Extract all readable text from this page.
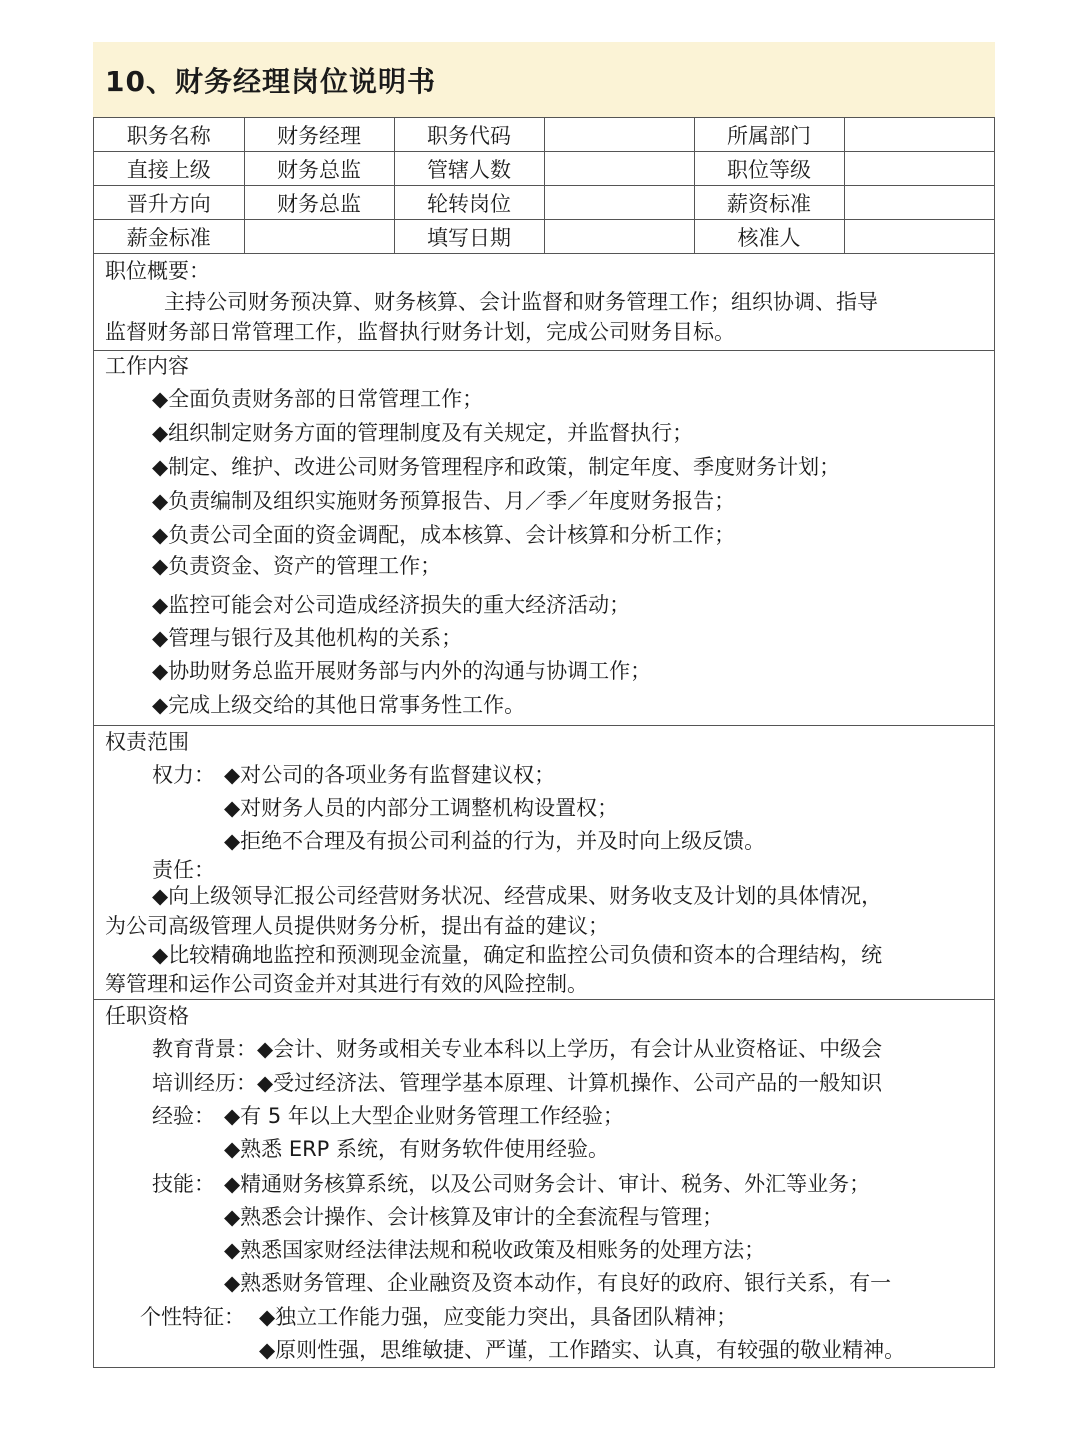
10、财务经理岗位说明书
职务名称	财务经理	职务代码		所属部门	
直接上级	财务总监	管辖人数		职位等级	
晋升方向	财务总监	轮转岗位		薪资标准	
薪金标准		填写日期		核准人	
职位概要：
主持公司财务预决算、财务核算、会计监督和财务管理工作；组织协调、指导
监督财务部日常管理工作，监督执行财务计划，完成公司财务目标。
工作内容
◆全面负责财务部的日常管理工作；
◆组织制定财务方面的管理制度及有关规定，并监督执行；
◆制定、维护、改进公司财务管理程序和政策，制定年度、季度财务计划；
◆负责编制及组织实施财务预算报告、月／季／年度财务报告；
◆负责公司全面的资金调配，成本核算、会计核算和分析工作；
◆负责资金、资产的管理工作；
◆监控可能会对公司造成经济损失的重大经济活动；
◆管理与银行及其他机构的关系；
◆协助财务总监开展财务部与内外的沟通与协调工作；
◆完成上级交给的其他日常事务性工作。
权责范围
权力： ◆对公司的各项业务有监督建议权；
◆对财务人员的内部分工调整机构设置权；
◆拒绝不合理及有损公司利益的行为，并及时向上级反馈。
责任：
◆向上级领导汇报公司经营财务状况、经营成果、财务收支及计划的具体情况，
为公司高级管理人员提供财务分析，提出有益的建议；
◆比较精确地监控和预测现金流量，确定和监控公司负债和资本的合理结构，统
筹管理和运作公司资金并对其进行有效的风险控制。
任职资格
教育背景：◆会计、财务或相关专业本科以上学历，有会计从业资格证、中级会
培训经历：◆受过经济法、管理学基本原理、计算机操作、公司产品的一般知识
经验： ◆有 5 年以上大型企业财务管理工作经验；
◆熟悉 ERP 系统，有财务软件使用经验。
技能： ◆精通财务核算系统，以及公司财务会计、审计、税务、外汇等业务；
◆熟悉会计操作、会计核算及审计的全套流程与管理；
◆熟悉国家财经法律法规和税收政策及相账务的处理方法；
◆熟悉财务管理、企业融资及资本动作，有良好的政府、银行关系，有一
个性特征： ◆独立工作能力强，应变能力突出，具备团队精神；
◆原则性强，思维敏捷、严谨，工作踏实、认真，有较强的敬业精神。
